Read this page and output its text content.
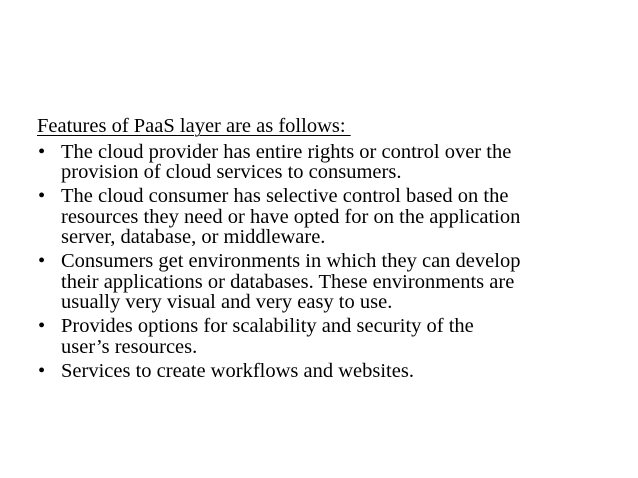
Features of PaaS layer are as follows:
• The cloud provider has entire rights or control over the
provision of cloud services to consumers.
• The cloud consumer has selective control based on the
resources they need or have opted for on the application
server, database, or middleware.
• Consumers get environments in which they can develop
their applications or databases. These environments are
usually very visual and very easy to use.
• Provides options for scalability and security of the
user’s resources.
• Services to create workflows and websites.
